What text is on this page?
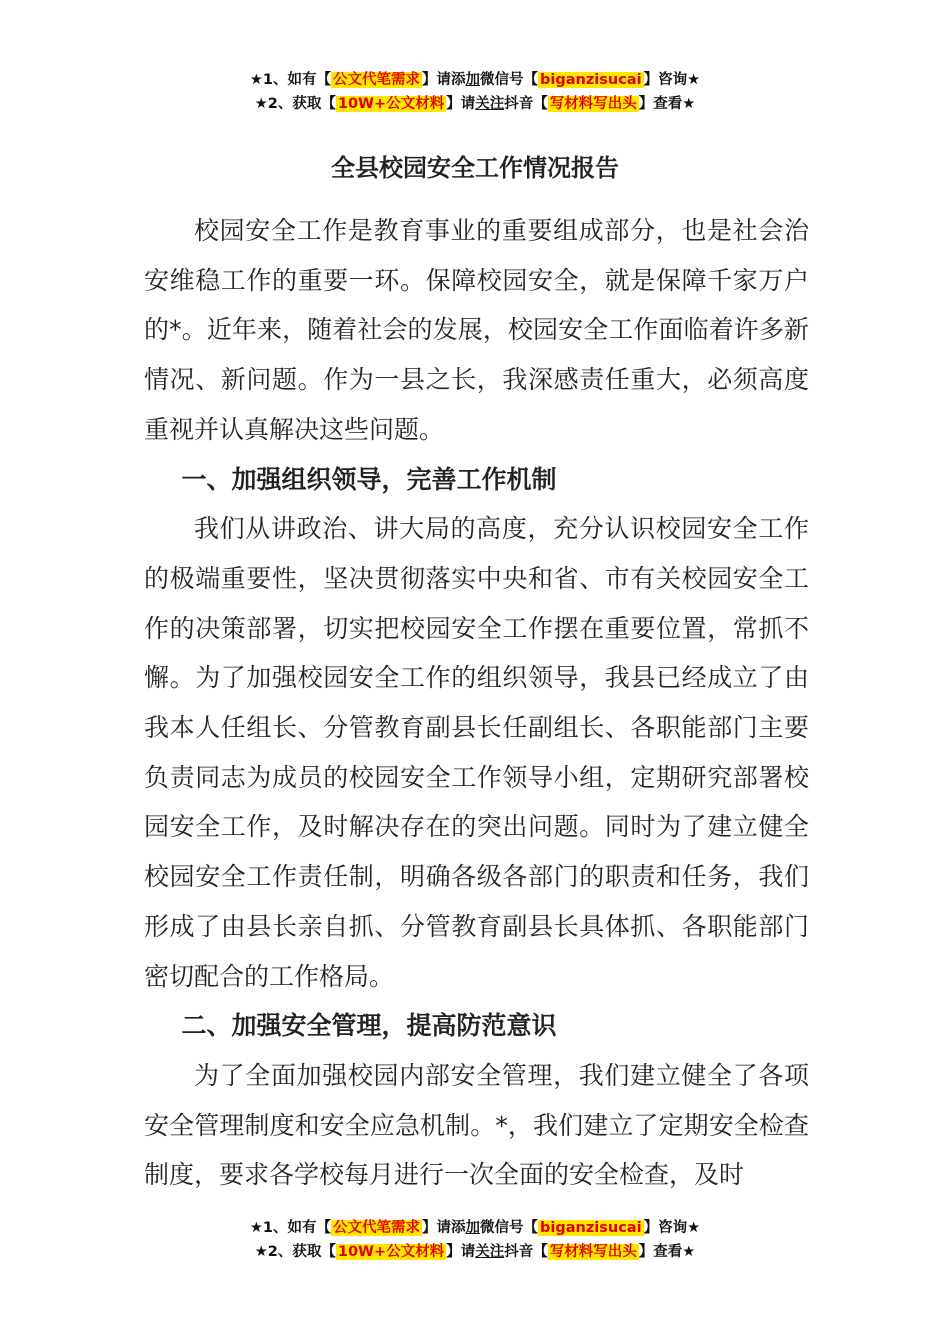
★1、如有【 公文代笔需求 】请添加微信号【 biganzisucai 】咨询★
★2、获取【 10W+公文材料 】请关注抖音【 写材料写出头 】查看★
全县校园安全工作情况报告

校园安全工作是教育事业的重要组成部分，也是社会治安维稳工作的重要一环。保障校园安全，就是保障千家万户的*。近年来，随着社会的发展，校园安全工作面临着许多新情况、新问题。作为一县之长，我深感责任重大，必须高度重视并认真解决这些问题。

一、加强组织领导，完善工作机制

我们从讲政治、讲大局的高度，充分认识校园安全工作的极端重要性，坚决贯彻落实中央和省、市有关校园安全工作的决策部署，切实把校园安全工作摆在重要位置，常抓不懈。为了加强校园安全工作的组织领导，我县已经成立了由我本人任组长、分管教育副县长任副组长、各职能部门主要负责同志为成员的校园安全工作领导小组，定期研究部署校园安全工作，及时解决存在的突出问题。同时为了建立健全校园安全工作责任制，明确各级各部门的职责和任务，我们形成了由县长亲自抓、分管教育副县长具体抓、各职能部门密切配合的工作格局。

二、加强安全管理，提高防范意识

为了全面加强校园内部安全管理，我们建立健全了各项安全管理制度和安全应急机制。*，我们建立了定期安全检查制度，要求各学校每月进行一次全面的安全检查，及时

★1、如有【 公文代笔需求 】请添加微信号【 biganzisucai 】咨询★
★2、获取【 10W+公文材料 】请关注抖音【 写材料写出头 】查看★
